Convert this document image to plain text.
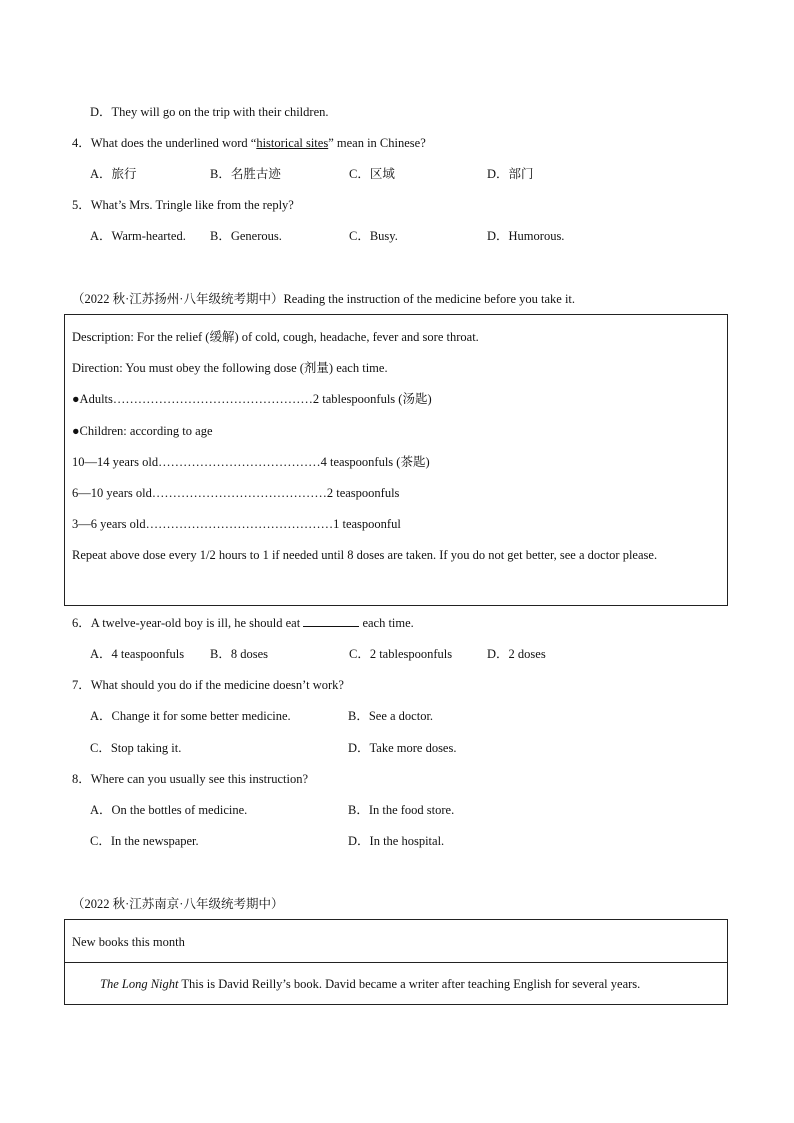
D．They will go on the trip with their children.
4．What does the underlined word “historical sites” mean in Chinese?
A．旅行	B．名胜古迹	C．区域	D．部门
5．What’s Mrs. Tringle like from the reply?
A．Warm-hearted. B．Generous.	C．Busy.	D．Humorous.
（2022 秋·江苏扬州·八年级统考期中）Reading the instruction of the medicine before you take it.
Description: For the relief (缓解) of cold, cough, headache, fever and sore throat.
Direction: You must obey the following dose (剂量) each time.
●Adults…………………………………………2 tablespoonfuls (汤匙)
●Children: according to age
10—14 years old…………………………………4 teaspoonfuls (茶匙)
6—10 years old……………………………………2 teaspoonfuls
3—6 years old………………………………………1 teaspoonful
Repeat above dose every 1/2 hours to 1 if needed until 8 doses are taken. If you do not get better, see a doctor please.
6．A twelve-year-old boy is ill, he should eat	each time.
A．4 teaspoonfuls B．8 doses	C．2 tablespoonfuls	D．2 doses
7．What should you do if the medicine doesn’t work?
A．Change it for some better medicine.	B．See a doctor.
C．Stop taking it.	D．Take more doses.
8．Where can you usually see this instruction?
A．On the bottles of medicine.	B．In the food store.
C．In the newspaper.	D．In the hospital.
（2022 秋·江苏南京·八年级统考期中）
New books this month
The Long Night This is David Reilly’s book. David became a writer after teaching English for several years.
